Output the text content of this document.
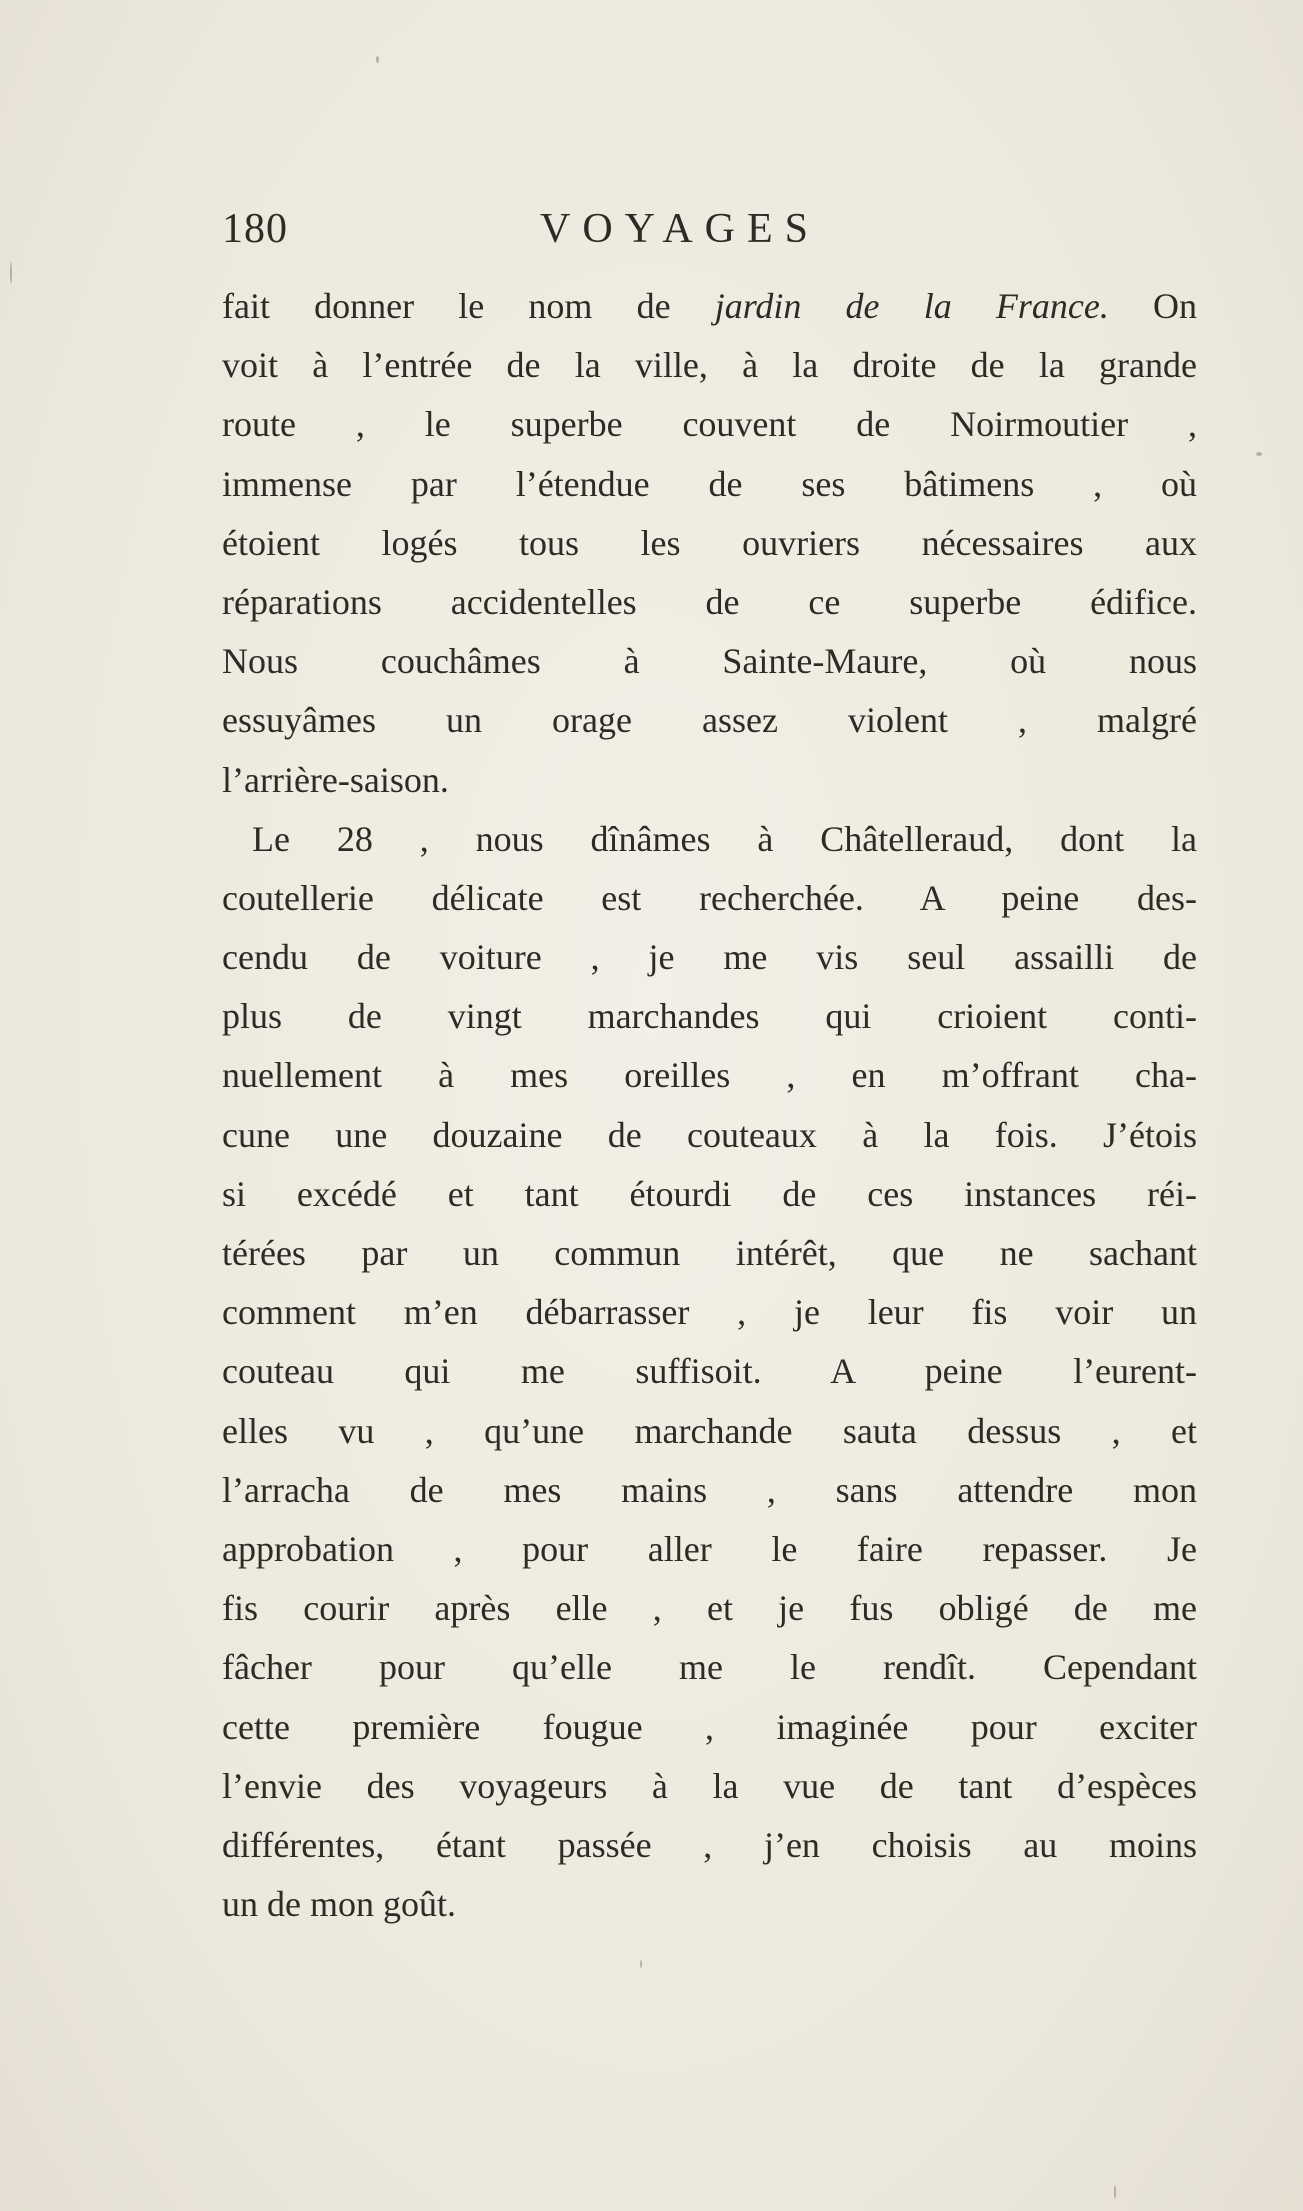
180	VOYAGES
fait donner le nom de jardin de la France. On
voit à l’entrée de la ville, à la droite de la grande
route , le superbe couvent de Noirmoutier ,
immense par l’étendue de ses bâtimens , où
étoient logés tous les ouvriers nécessaires aux
réparations accidentelles de ce superbe édifice.
Nous couchâmes à Sainte-Maure, où nous
essuyâmes un orage assez violent , malgré
l’arrière-saison.
Le 28 , nous dînâmes à Châtelleraud, dont la
coutellerie délicate est recherchée. A peine des-
cendu de voiture , je me vis seul assailli de
plus de vingt marchandes qui crioient conti-
nuellement à mes oreilles , en m’offrant cha-
cune une douzaine de couteaux à la fois. J’étois
si excédé et tant étourdi de ces instances réi-
térées par un commun intérêt, que ne sachant
comment m’en débarrasser , je leur fis voir un
couteau qui me suffisoit. A peine l’eurent-
elles vu , qu’une marchande sauta dessus , et
l’arracha de mes mains , sans attendre mon
approbation , pour aller le faire repasser. Je
fis courir après elle , et je fus obligé de me
fâcher pour qu’elle me le rendît. Cependant
cette première fougue , imaginée pour exciter
l’envie des voyageurs à la vue de tant d’espèces
différentes, étant passée , j’en choisis au moins
un de mon goût.
